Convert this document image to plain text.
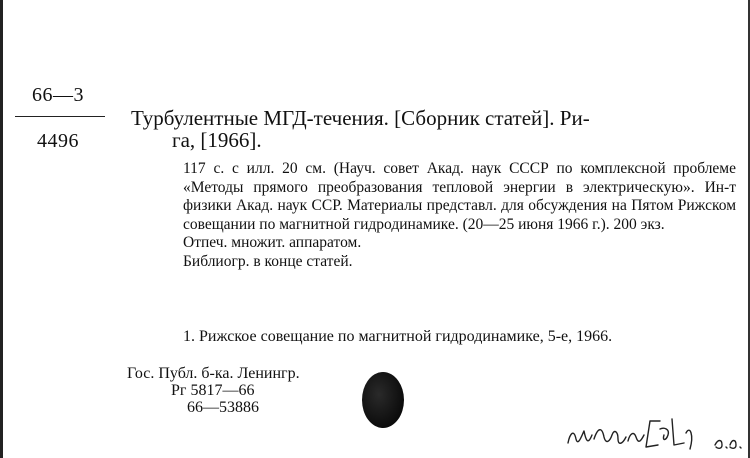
66—3
4496
Турбулентные МГД-течения. [Сборник статей]. Ри-
га, [1966].

117 с. с илл. 20 см. (Науч. совет Акад. наук СССР по комплексной проблеме «Методы прямого преобразования тепловой энергии в электрическую». Ин-т физики Акад. наук ССР. Материалы представл. для обсуждения на Пятом Рижском совещании по магнитной гидродинамике. (20—25 июня 1966 г.). 200 экз.

Отпеч. множит. аппаратом.

Библиогр. в конце статей.

1. Рижское совещание по магнитной гидродинамике, 5-е, 1966.
Гос. Публ. б-ка. Ленингр.
Рг 5817—66
66—53886
